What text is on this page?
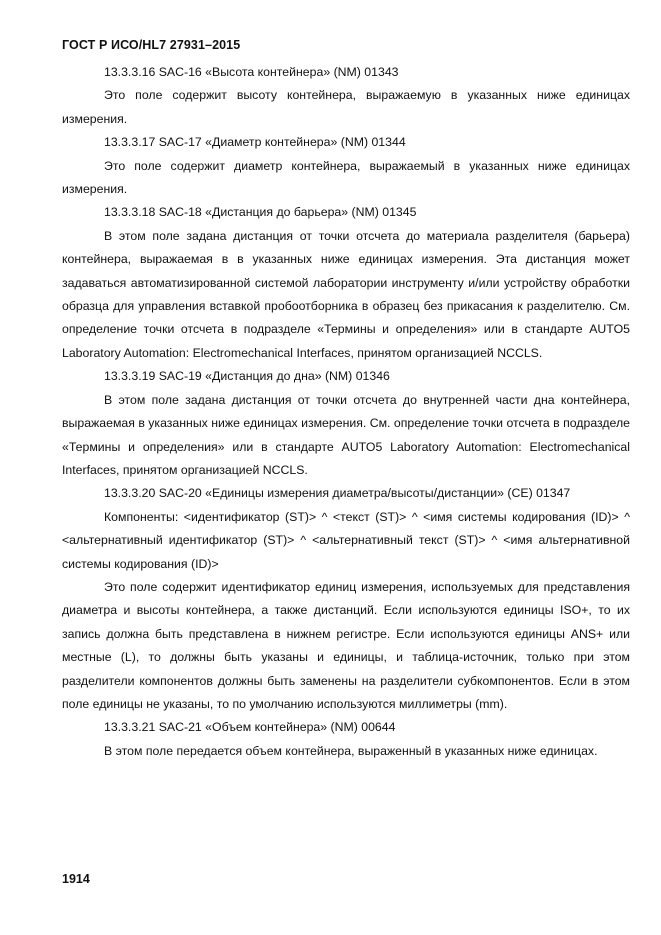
ГОСТ Р ИСО/HL7 27931–2015

13.3.3.16 SAC-16 «Высота контейнера» (NM) 01343

Это поле содержит высоту контейнера, выражаемую в указанных ниже единицах измерения.

13.3.3.17 SAC-17 «Диаметр контейнера» (NM) 01344

Это поле содержит диаметр контейнера, выражаемый в указанных ниже единицах измерения.

13.3.3.18 SAC-18 «Дистанция до барьера» (NM) 01345

В этом поле задана дистанция от точки отсчета до материала разделителя (барьера) контейнера, выражаемая в в указанных ниже единицах измерения. Эта дистанция может задаваться автоматизированной системой лаборатории инструменту и/или устройству обработки образца для управления вставкой пробоотборника в образец без прикасания к разделителю. См. определение точки отсчета в подразделе «Термины и определения» или в стандарте AUTO5 Laboratory Automation: Electromechanical Interfaces, принятом организацией NCCLS.

13.3.3.19 SAC-19 «Дистанция до дна» (NM) 01346

В этом поле задана дистанция от точки отсчета до внутренней части дна контейнера, выражаемая в указанных ниже единицах измерения. См. определение точки отсчета в подразделе «Термины и определения» или в стандарте AUTO5 Laboratory Automation: Electromechanical Interfaces, принятом организацией NCCLS.

13.3.3.20 SAC-20 «Единицы измерения диаметра/высоты/дистанции» (CE) 01347

Компоненты: <идентификатор (ST)> ^ <текст (ST)> ^ <имя системы кодирования (ID)> ^ <альтернативный идентификатор (ST)> ^ <альтернативный текст (ST)> ^ <имя альтернативной системы кодирования (ID)>

Это поле содержит идентификатор единиц измерения, используемых для представления диаметра и высоты контейнера, а также дистанций. Если используются единицы ISO+, то их запись должна быть представлена в нижнем регистре. Если используются единицы ANS+ или местные (L), то должны быть указаны и единицы, и таблица-источник, только при этом разделители компонентов должны быть заменены на разделители субкомпонентов. Если в этом поле единицы не указаны, то по умолчанию используются миллиметры (mm).

13.3.3.21 SAC-21 «Объем контейнера» (NM) 00644

В этом поле передается объем контейнера, выраженный в указанных ниже единицах.

1914
